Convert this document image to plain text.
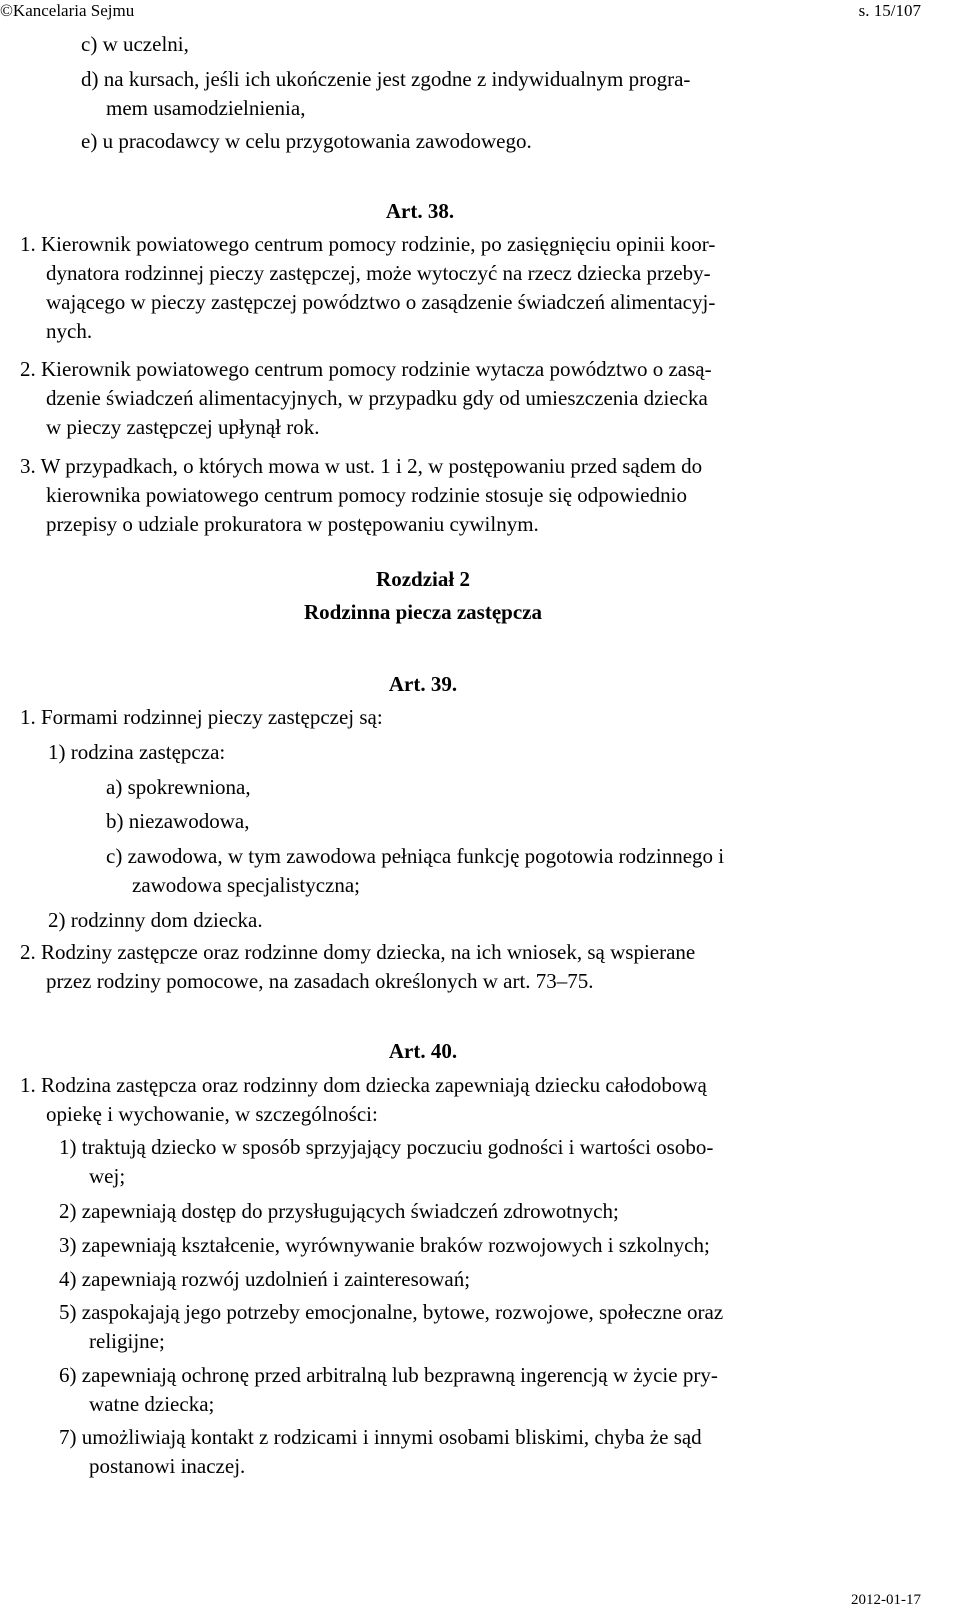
©Kancelaria Sejmu	s. 15/107
c) w uczelni,
d) na kursach, jeśli ich ukończenie jest zgodne z indywidualnym progra-
mem usamodzielnienia,
e) u pracodawcy w celu przygotowania zawodowego.
Art. 38.
1. Kierownik powiatowego centrum pomocy rodzinie, po zasięgnięciu opinii koor-
dynatora rodzinnej pieczy zastępczej, może wytoczyć na rzecz dziecka przeby-
wającego w pieczy zastępczej powództwo o zasądzenie świadczeń alimentacyj-
nych.
2. Kierownik powiatowego centrum pomocy rodzinie wytacza powództwo o zasą-
dzenie świadczeń alimentacyjnych, w przypadku gdy od umieszczenia dziecka
w pieczy zastępczej upłynął rok.
3. W przypadkach, o których mowa w ust. 1 i 2, w postępowaniu przed sądem do
kierownika powiatowego centrum pomocy rodzinie stosuje się odpowiednio
przepisy o udziale prokuratora w postępowaniu cywilnym.
Rozdział 2
Rodzinna piecza zastępcza
Art. 39.
1. Formami rodzinnej pieczy zastępczej są:
1) rodzina zastępcza:
a) spokrewniona,
b) niezawodowa,
c) zawodowa, w tym zawodowa pełniąca funkcję pogotowia rodzinnego i
zawodowa specjalistyczna;
2) rodzinny dom dziecka.
2. Rodziny zastępcze oraz rodzinne domy dziecka, na ich wniosek, są wspierane
przez rodziny pomocowe, na zasadach określonych w art. 73–75.
Art. 40.
1. Rodzina zastępcza oraz rodzinny dom dziecka zapewniają dziecku całodobową
opiekę i wychowanie, w szczególności:
1) traktują dziecko w sposób sprzyjający poczuciu godności i wartości osobo-
wej;
2) zapewniają dostęp do przysługujących świadczeń zdrowotnych;
3) zapewniają kształcenie, wyrównywanie braków rozwojowych i szkolnych;
4) zapewniają rozwój uzdolnień i zainteresowań;
5) zaspokajają jego potrzeby emocjonalne, bytowe, rozwojowe, społeczne oraz
religijne;
6) zapewniają ochronę przed arbitralną lub bezprawną ingerencją w życie pry-
watne dziecka;
7) umożliwiają kontakt z rodzicami i innymi osobami bliskimi, chyba że sąd
postanowi inaczej.
2012-01-17
